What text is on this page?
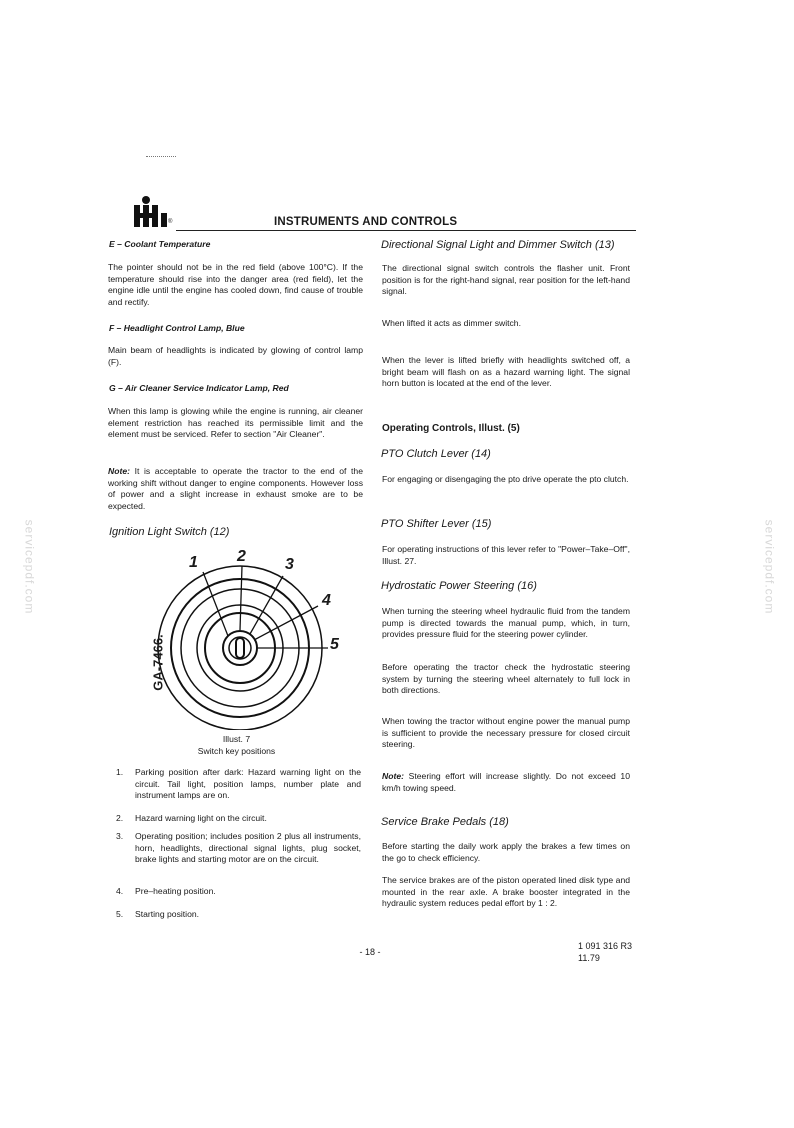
servicepdf.com	servicepdf.com
®	INSTRUMENTS AND CONTROLS
E – Coolant Temperature

The pointer should not be in the red field (above 100°C). If the temperature should rise into the danger area (red field), let the engine idle until the engine has cooled down, find cause of trouble and rectify.

F – Headlight Control Lamp, Blue

Main beam of headlights is indicated by glowing of control lamp (F).

G – Air Cleaner Service Indicator Lamp, Red

When this lamp is glowing while the engine is running, air cleaner element restriction has reached its permissible limit and the element must be serviced. Refer to section "Air Cleaner".

Note: It is acceptable to operate the tractor to the end of the working shift without danger to engine components. However loss of power and a slight increase in exhaust smoke are to be expected.

Ignition Light Switch (12)
1 2 3
4
5
GA-7466.
Illust. 7
Switch key positions
1. Parking position after dark: Hazard warning light on the circuit. Tail light, position lamps, number plate and instrument lamps are on.
2. Hazard warning light on the circuit.
3. Operating position; includes position 2 plus all instruments, horn, headlights, directional signal lights, plug socket, brake lights and starting motor are on the circuit.
4. Pre–heating position.
5. Starting position.
Directional Signal Light and Dimmer Switch (13)

The directional signal switch controls the flasher unit. Front position is for the right-hand signal, rear position for the left-hand signal.

When lifted it acts as dimmer switch.

When the lever is lifted briefly with headlights switched off, a bright beam will flash on as a hazard warning light. The signal horn button is located at the end of the lever.

Operating Controls, Illust. (5)
PTO Clutch Lever (14)

For engaging or disengaging the pto drive operate the pto clutch.

PTO Shifter Lever (15)

For operating instructions of this lever refer to "Power–Take–Off", Illust. 27.

Hydrostatic Power Steering (16)

When turning the steering wheel hydraulic fluid from the tandem pump is directed towards the manual pump, which, in turn, provides pressure fluid for the steering power cylinder.

Before operating the tractor check the hydrostatic steering system by turning the steering wheel alternately to full lock in both directions.

When towing the tractor without engine power the manual pump is sufficient to provide the necessary pressure for closed circuit steering.

Note: Steering effort will increase slightly. Do not exceed 10 km/h towing speed.

Service Brake Pedals (18)

Before starting the daily work apply the brakes a few times on the go to check efficiency.

The service brakes are of the piston operated lined disk type and mounted in the rear axle. A brake booster integrated in the hydraulic system reduces pedal effort by 1 : 2.

- 18 -
1 091 316 R3
11.79
